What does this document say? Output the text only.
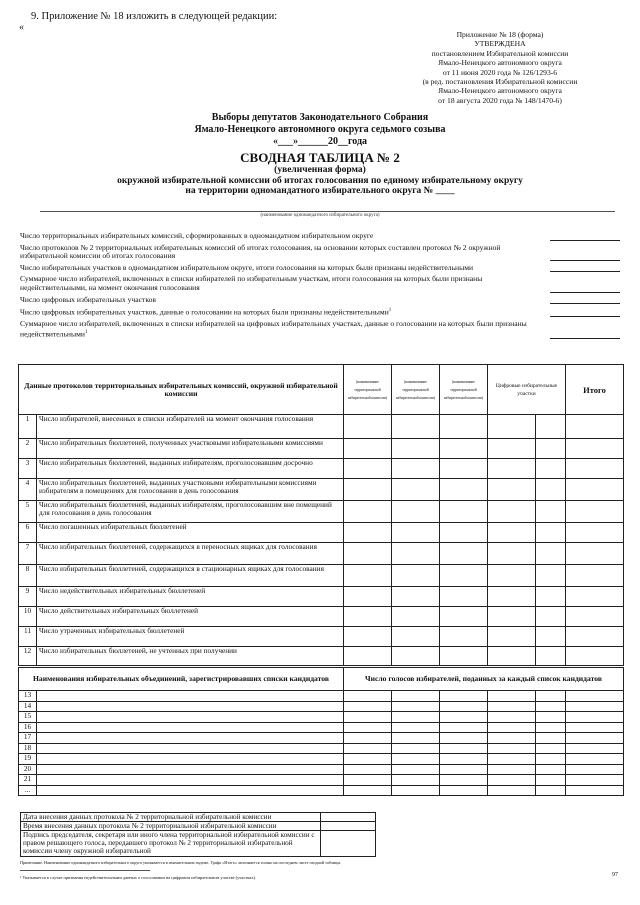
9. Приложение № 18 изложить в следующей редакции:
«
Приложение № 18 (форма)
УТВЕРЖДЕНА
постановлением Избирательной комиссии
Ямало-Ненецкого автономного округа
от 11 июня 2020 года № 126/1293-6
(в ред. постановления Избирательной комиссии
Ямало-Ненецкого автономного округа
от 18 августа 2020 года № 148/1470-6)
Выборы депутатов Законодательного Собрания
Ямало-Ненецкого автономного округа седьмого созыва
«___»______20__года
СВОДНАЯ ТАБЛИЦА № 2
(увеличенная форма)
окружной избирательной комиссии об итогах голосования по единому избирательному округу
на территории одномандатного избирательного округа № ____
(наименование одномандатного избирательного округа)
Число территориальных избирательных комиссий, сформированных в одномандатном избирательном округе
Число протоколов № 2 территориальных избирательных комиссий об итогах голосования, на основании которых составлен протокол № 2 окружной избирательной комиссии об итогах голосования
Число избирательных участков в одномандатном избирательном округе, итоги голосования на которых были признаны недействительными
Суммарное число избирателей, включенных в списки избирателей по избирательным участкам, итоги голосования на которых были признаны недействительными, на момент окончания голосования
Число цифровых избирательных участков
Число цифровых избирательных участков, данные о голосовании на которых были признаны недействительными$^1$
Суммарное число избирателей, включенных в списки избирателей на цифровых избирательных участках, данные о голосовании на которых были признаны недействительными$^1$
Данные протоколов территориальных избирательных комиссий, окружной избирательной комиссии		(наименование территориальной избирательной комиссии)	(наименование территориальной избирательной комиссии)	(наименование территориальной избирательной комиссии)	Цифровые избирательные участки		Итого
1	Число избирателей, внесенных в списки избирателей на момент окончания голосования						
2	Число избирательных бюллетеней, полученных участковыми избирательными комиссиями						
3	Число избирательных бюллетеней, выданных избирателям, проголосовавшим досрочно						
4	Число избирательных бюллетеней, выданных участковыми избирательными комиссиями избирателям в помещениях для голосования в день голосования						
5	Число избирательных бюллетеней, выданных избирателям, проголосовавшим вне помещений для голосования в день голосования						
6	Число погашенных избирательных бюллетеней						
7	Число избирательных бюллетеней, содержащихся в переносных ящиках для голосования						
8	Число избирательных бюллетеней, содержащихся в стационарных ящиках для голосования						
9	Число недействительных избирательных бюллетеней						
10	Число действительных избирательных бюллетеней						
11	Число утраченных избирательных бюллетеней						
12	Число избирательных бюллетеней, не учтенных при получении						
Наименования избирательных объединений, зарегистрировавших списки кандидатов		Число голосов избирателей, поданных за каждый список кандидатов					
13							
14							
15							
16							
17							
18							
19							
20							
21							
...							
Дата внесения данных протокола № 2 территориальной избирательной комиссии	
Время внесения данных протокола № 2 территориальной избирательной комиссии	
Подпись председателя, секретаря или иного члена территориальной избирательной комиссии с правом решающего голоса, передавшего протокол № 2 территориальной избирательной комиссии члену окружной избирательной	
Примечание. Наименование одномандатного избирательного округа указывается в именительном падеже. Графа «Итого» заполняется только на последнем листе сводной таблицы.
¹ Указывается в случае признания недействительными данных о голосовании на цифровом избирательном участке (участках).	97
